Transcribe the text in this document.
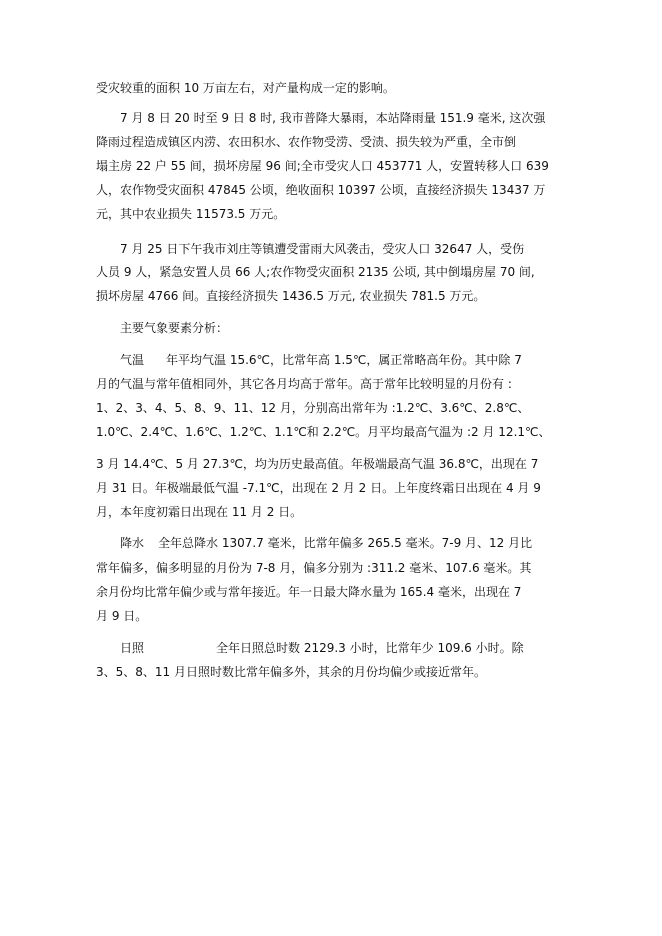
受灾较重的面积 10 万亩左右，对产量构成一定的影响。
7 月 8 日 20 时至 9 日 8 时, 我市普降大暴雨，本站降雨量 151.9 毫米, 这次强
降雨过程造成镇区内涝、农田积水、农作物受涝、受渍、损失较为严重，全市倒
塌主房 22 户 55 间，损坏房屋 96 间;全市受灾人口 453771 人，安置转移人口 639
人，农作物受灾面积 47845 公顷，绝收面积 10397 公顷，直接经济损失 13437 万
元，其中农业损失 11573.5 万元。
7 月 25 日下午我市刘庄等镇遭受雷雨大风袭击，受灾人口 32647 人，受伤
人员 9 人，紧急安置人员 66 人;农作物受灾面积 2135 公顷, 其中倒塌房屋 70 间,
损坏房屋 4766 间。直接经济损失 1436.5 万元, 农业损失 781.5 万元。
主要气象要素分析：
气温 年平均气温 15.6℃，比常年高 1.5℃，属正常略高年份。其中除 7
月的气温与常年值相同外，其它各月均高于常年。高于常年比较明显的月份有 :
1、2、3、4、5、8、9、11、12 月，分别高出常年为 :1.2℃、3.6℃、2.8℃、
1.0℃、2.4℃、1.6℃、1.2℃、1.1℃和 2.2℃。月平均最高气温为 :2 月 12.1℃、
3 月 14.4℃、5 月 27.3℃，均为历史最高值。年极端最高气温 36.8℃，出现在 7
月 31 日。年极端最低气温 -7.1℃，出现在 2 月 2 日。上年度终霜日出现在 4 月 9
月，本年度初霜日出现在 11 月 2 日。
降水 全年总降水 1307.7 毫米，比常年偏多 265.5 毫米。7-9 月、12 月比
常年偏多，偏多明显的月份为 7-8 月，偏多分别为 :311.2 毫米、107.6 毫米。其
余月份均比常年偏少或与常年接近。年一日最大降水量为 165.4 毫米，出现在 7
月 9 日。
日照	全年日照总时数 2129.3 小时，比常年少 109.6 小时。除
3、5、8、11 月日照时数比常年偏多外，其余的月份均偏少或接近常年。
